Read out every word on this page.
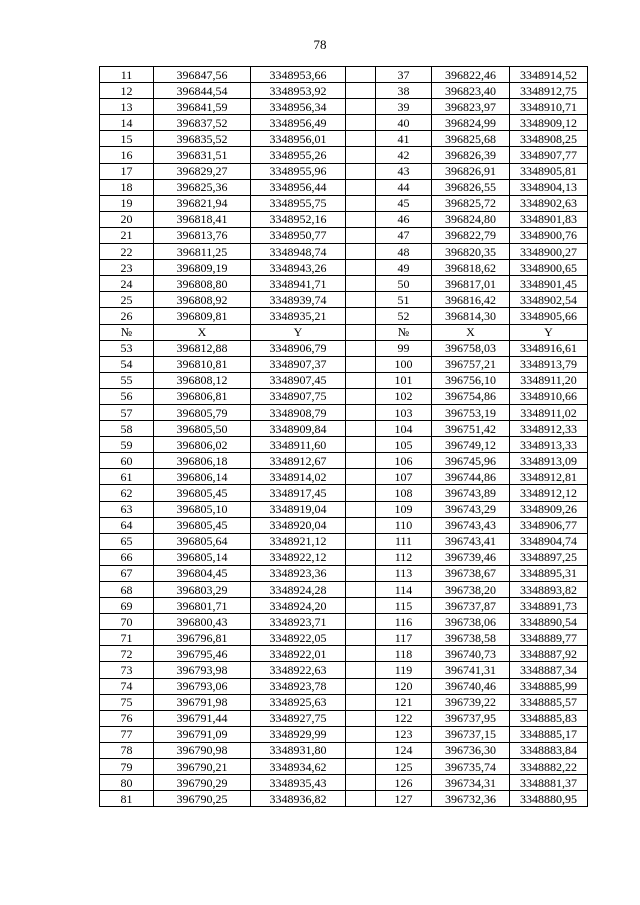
78
11	396847,56	3348953,66		37	396822,46	3348914,52
12	396844,54	3348953,92		38	396823,40	3348912,75
13	396841,59	3348956,34		39	396823,97	3348910,71
14	396837,52	3348956,49		40	396824,99	3348909,12
15	396835,52	3348956,01		41	396825,68	3348908,25
16	396831,51	3348955,26		42	396826,39	3348907,77
17	396829,27	3348955,96		43	396826,91	3348905,81
18	396825,36	3348956,44		44	396826,55	3348904,13
19	396821,94	3348955,75		45	396825,72	3348902,63
20	396818,41	3348952,16		46	396824,80	3348901,83
21	396813,76	3348950,77		47	396822,79	3348900,76
22	396811,25	3348948,74		48	396820,35	3348900,27
23	396809,19	3348943,26		49	396818,62	3348900,65
24	396808,80	3348941,71		50	396817,01	3348901,45
25	396808,92	3348939,74		51	396816,42	3348902,54
26	396809,81	3348935,21		52	396814,30	3348905,66
№	X	Y		№	X	Y
53	396812,88	3348906,79		99	396758,03	3348916,61
54	396810,81	3348907,37		100	396757,21	3348913,79
55	396808,12	3348907,45		101	396756,10	3348911,20
56	396806,81	3348907,75		102	396754,86	3348910,66
57	396805,79	3348908,79		103	396753,19	3348911,02
58	396805,50	3348909,84		104	396751,42	3348912,33
59	396806,02	3348911,60		105	396749,12	3348913,33
60	396806,18	3348912,67		106	396745,96	3348913,09
61	396806,14	3348914,02		107	396744,86	3348912,81
62	396805,45	3348917,45		108	396743,89	3348912,12
63	396805,10	3348919,04		109	396743,29	3348909,26
64	396805,45	3348920,04		110	396743,43	3348906,77
65	396805,64	3348921,12		111	396743,41	3348904,74
66	396805,14	3348922,12		112	396739,46	3348897,25
67	396804,45	3348923,36		113	396738,67	3348895,31
68	396803,29	3348924,28		114	396738,20	3348893,82
69	396801,71	3348924,20		115	396737,87	3348891,73
70	396800,43	3348923,71		116	396738,06	3348890,54
71	396796,81	3348922,05		117	396738,58	3348889,77
72	396795,46	3348922,01		118	396740,73	3348887,92
73	396793,98	3348922,63		119	396741,31	3348887,34
74	396793,06	3348923,78		120	396740,46	3348885,99
75	396791,98	3348925,63		121	396739,22	3348885,57
76	396791,44	3348927,75		122	396737,95	3348885,83
77	396791,09	3348929,99		123	396737,15	3348885,17
78	396790,98	3348931,80		124	396736,30	3348883,84
79	396790,21	3348934,62		125	396735,74	3348882,22
80	396790,29	3348935,43		126	396734,31	3348881,37
81	396790,25	3348936,82		127	396732,36	3348880,95
